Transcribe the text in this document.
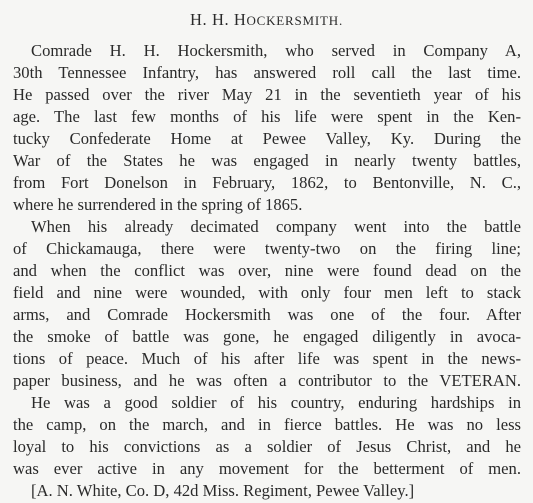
H. H. HOCKERSMITH.
Comrade H. H. Hockersmith, who served in Company A,
30th Tennessee Infantry, has answered roll call the last time.
He passed over the river May 21 in the seventieth year of his
age. The last few months of his life were spent in the Ken-
tucky Confederate Home at Pewee Valley, Ky. During the
War of the States he was engaged in nearly twenty battles,
from Fort Donelson in February, 1862, to Bentonville, N. C.,
where he surrendered in the spring of 1865.
When his already decimated company went into the battle
of Chickamauga, there were twenty-two on the firing line;
and when the conflict was over, nine were found dead on the
field and nine were wounded, with only four men left to stack
arms, and Comrade Hockersmith was one of the four. After
the smoke of battle was gone, he engaged diligently in avoca-
tions of peace. Much of his after life was spent in the news-
paper business, and he was often a contributor to the VETERAN.
He was a good soldier of his country, enduring hardships in
the camp, on the march, and in fierce battles. He was no less
loyal to his convictions as a soldier of Jesus Christ, and he
was ever active in any movement for the betterment of men.
[A. N. White, Co. D, 42d Miss. Regiment, Pewee Valley.]
